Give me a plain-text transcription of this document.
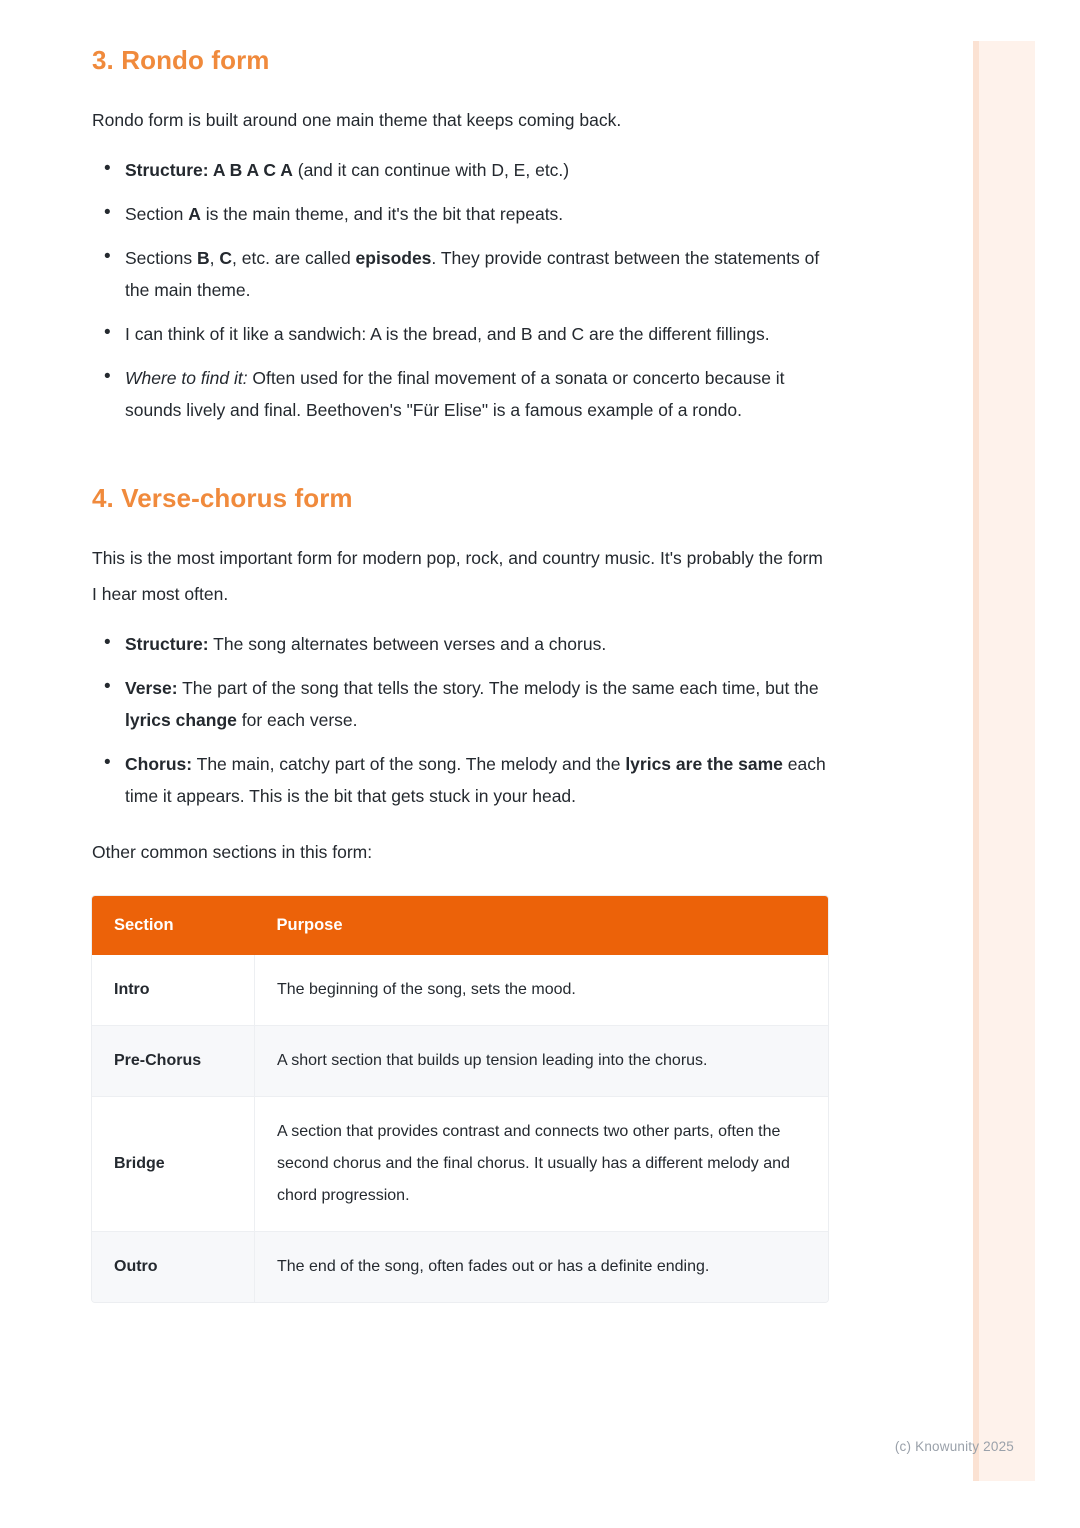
3. Rondo form

Rondo form is built around one main theme that keeps coming back.

• Structure: A B A C A (and it can continue with D, E, etc.)
• Section A is the main theme, and it's the bit that repeats.
• Sections B, C, etc. are called episodes. They provide contrast between the statements of the main theme.
• I can think of it like a sandwich: A is the bread, and B and C are the different fillings.
• Where to find it: Often used for the final movement of a sonata or concerto because it sounds lively and final. Beethoven's "Für Elise" is a famous example of a rondo.
4. Verse-chorus form

This is the most important form for modern pop, rock, and country music. It's probably the form I hear most often.

• Structure: The song alternates between verses and a chorus.
• Verse: The part of the song that tells the story. The melody is the same each time, but the lyrics change for each verse.
• Chorus: The main, catchy part of the song. The melody and the lyrics are the same each time it appears. This is the bit that gets stuck in your head.

Other common sections in this form:

Section	Purpose
Intro	The beginning of the song, sets the mood.
Pre-Chorus	A short section that builds up tension leading into the chorus.
Bridge	A section that provides contrast and connects two other parts, often the second chorus and the final chorus. It usually has a different melody and chord progression.
Outro	The end of the song, often fades out or has a definite ending.
(c) Knowunity 2025
